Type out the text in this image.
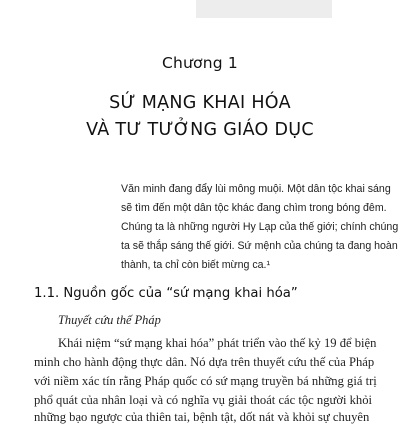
Chương 1
SỨ MẠNG KHAI HÓA
VÀ TƯ TƯỞNG GIÁO DỤC
Văn minh đang đẩy lùi mông muội. Một dân tộc khai sáng
sẽ tìm đến một dân tộc khác đang chìm trong bóng đêm.
Chúng ta là những người Hy Lạp của thế giới; chính chúng
ta sẽ thắp sáng thế giới. Sứ mệnh của chúng ta đang hoàn
thành, ta chỉ còn biết mừng ca.¹
1.1. Nguồn gốc của “sứ mạng khai hóa”
Thuyết cứu thế Pháp
Khái niệm “sứ mạng khai hóa” phát triển vào thế kỷ 19 để biện
minh cho hành động thực dân. Nó dựa trên thuyết cứu thế của Pháp
với niềm xác tín rằng Pháp quốc có sứ mạng truyền bá những giá trị
phổ quát của nhân loại và có nghĩa vụ giải thoát các tộc người khỏi
những bạo ngược của thiên tai, bệnh tật, dốt nát và khỏi sự chuyên
